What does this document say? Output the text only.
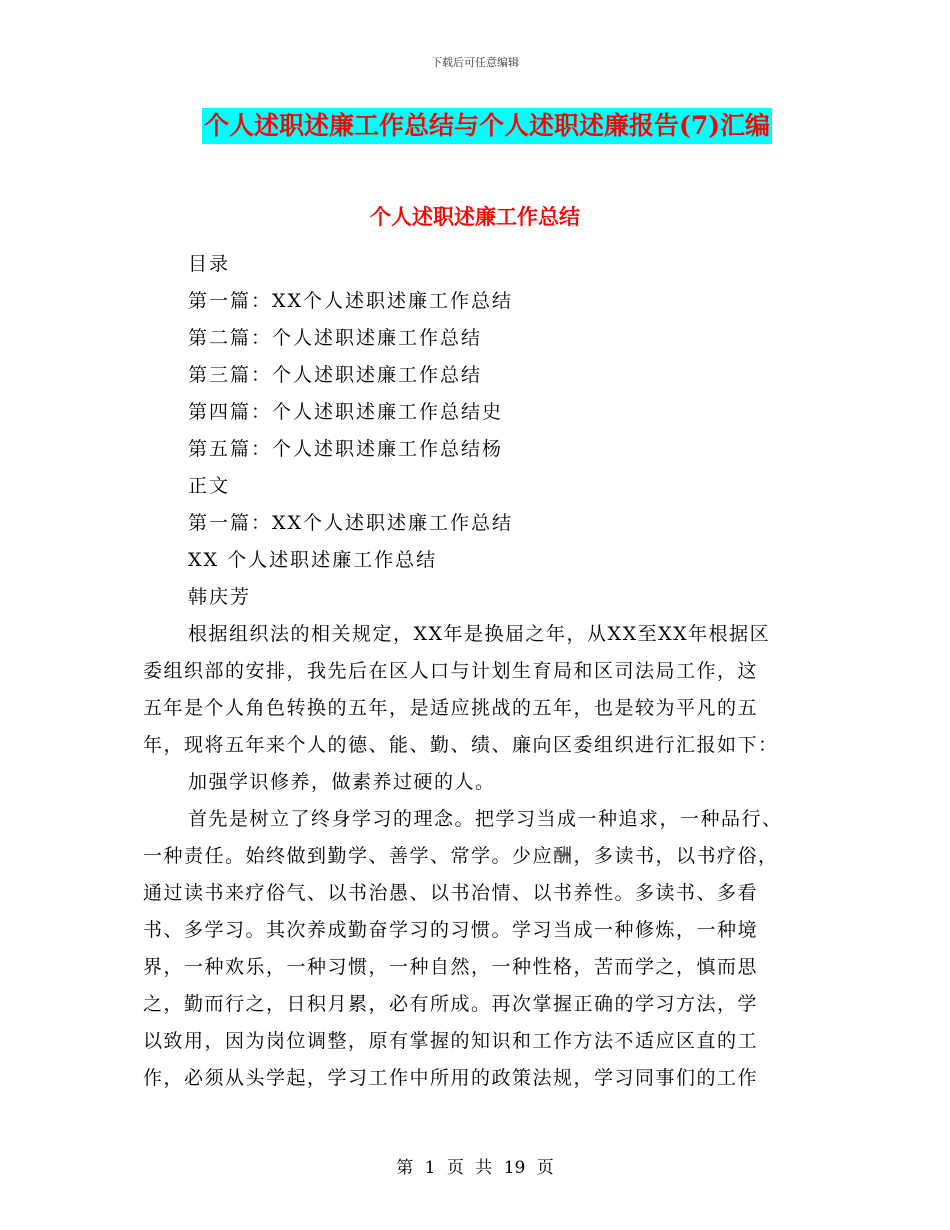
下载后可任意编辑
个人述职述廉工作总结与个人述职述廉报告(7)汇编
个人述职述廉工作总结
目录
第一篇：XX个人述职述廉工作总结
第二篇：个人述职述廉工作总结
第三篇：个人述职述廉工作总结
第四篇：个人述职述廉工作总结史
第五篇：个人述职述廉工作总结杨
正文
第一篇：XX个人述职述廉工作总结
XX 个人述职述廉工作总结
韩庆芳
根据组织法的相关规定，XX年是换届之年，从XX至XX年根据区
委组织部的安排，我先后在区人口与计划生育局和区司法局工作，这
五年是个人角色转换的五年，是适应挑战的五年，也是较为平凡的五
年，现将五年来个人的德、能、勤、绩、廉向区委组织进行汇报如下：
加强学识修养，做素养过硬的人。
首先是树立了终身学习的理念。把学习当成一种追求，一种品行、
一种责任。始终做到勤学、善学、常学。少应酬，多读书，以书疗俗，
通过读书来疗俗气、以书治愚、以书冶情、以书养性。多读书、多看
书、多学习。其次养成勤奋学习的习惯。学习当成一种修炼，一种境
界，一种欢乐，一种习惯，一种自然，一种性格，苦而学之，慎而思
之，勤而行之，日积月累，必有所成。再次掌握正确的学习方法，学
以致用，因为岗位调整，原有掌握的知识和工作方法不适应区直的工
作，必须从头学起，学习工作中所用的政策法规，学习同事们的工作
第 1 页 共 19 页
